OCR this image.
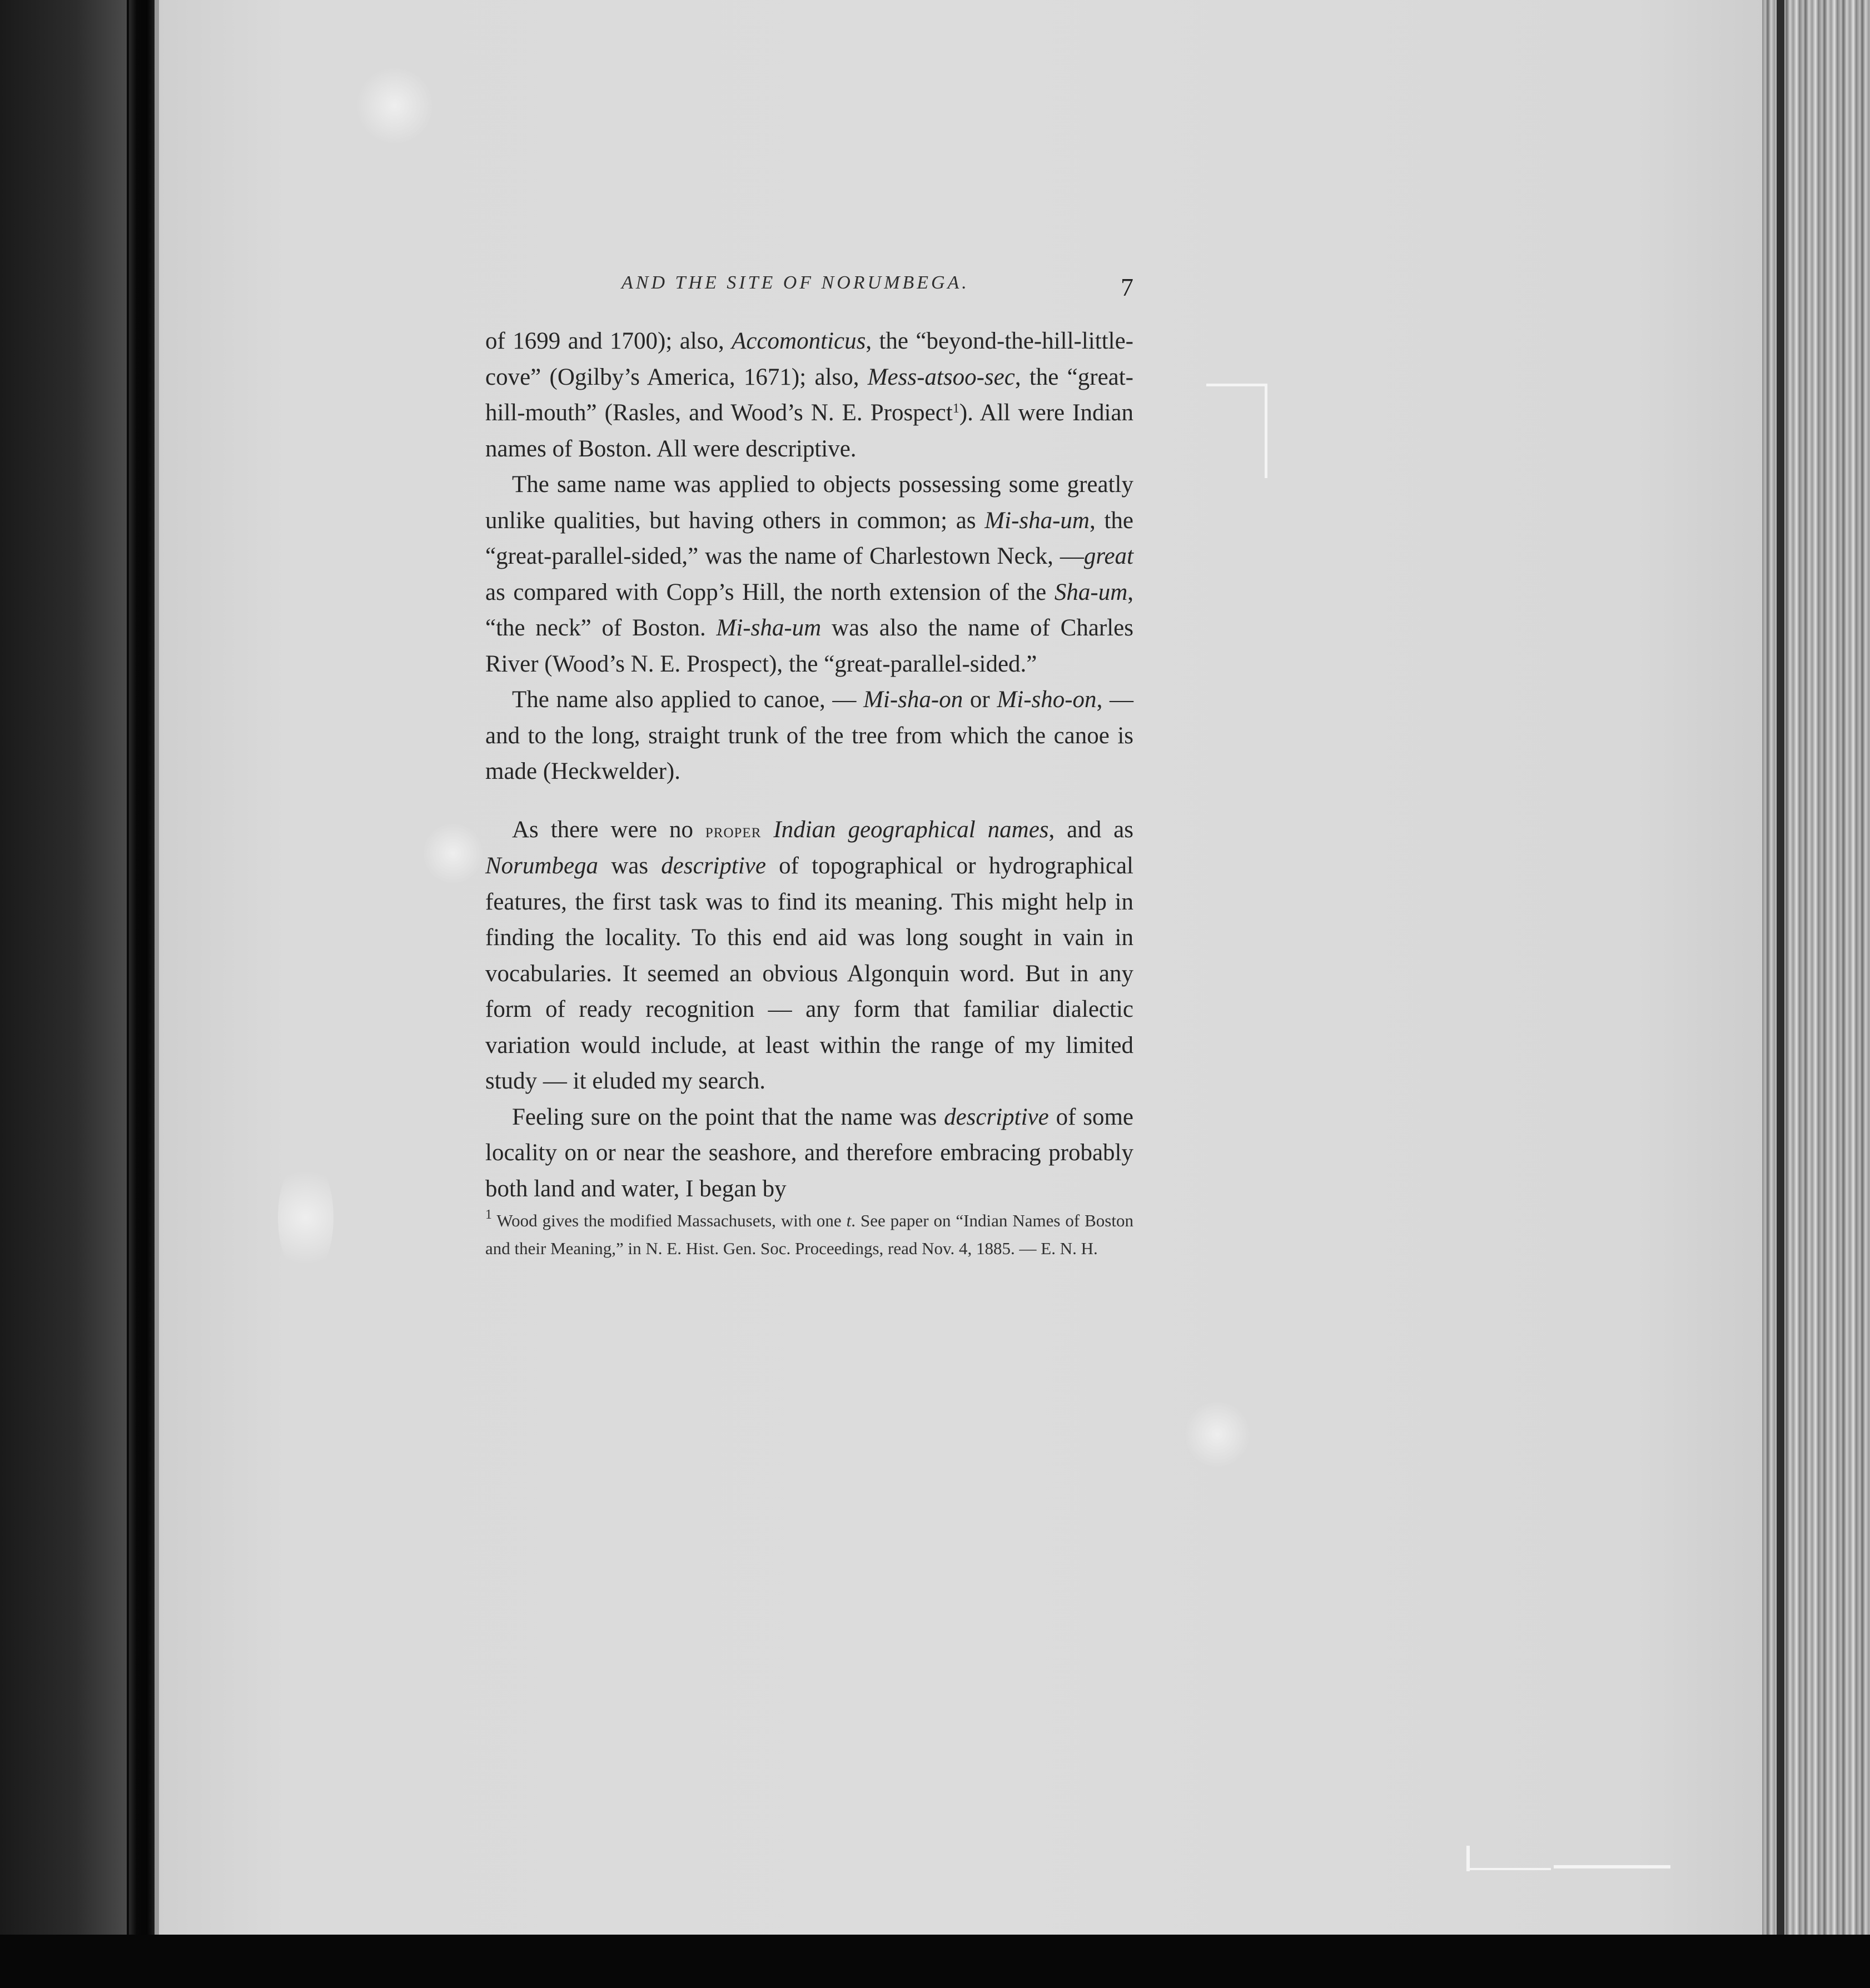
AND THE SITE OF NORUMBEGA.	7

of 1699 and 1700); also, Accomonticus, the “beyond-the-hill-little-cove” (Ogilby’s America, 1671); also, Mess-atsoo-sec, the “great-hill-mouth” (Rasles, and Wood’s N. E. Prospect$^1$). All were Indian names of Boston. All were descriptive.

The same name was applied to objects possessing some greatly unlike qualities, but having others in common; as Mi-sha-um, the “great-parallel-sided,” was the name of Charlestown Neck, —great as compared with Copp’s Hill, the north extension of the Sha-um, “the neck” of Boston. Mi-sha-um was also the name of Charles River (Wood’s N. E. Prospect), the “great-parallel-sided.”

The name also applied to canoe, — Mi-sha-on or Mi-sho-on, — and to the long, straight trunk of the tree from which the canoe is made (Heckwelder).

As there were no proper Indian geographical names, and as Norumbega was descriptive of topographical or hydrographical features, the first task was to find its meaning. This might help in finding the locality. To this end aid was long sought in vain in vocabularies. It seemed an obvious Algonquin word. But in any form of ready recognition — any form that familiar dialectic variation would include, at least within the range of my limited study — it eluded my search.

Feeling sure on the point that the name was descriptive of some locality on or near the seashore, and therefore embracing probably both land and water, I began by

$^1$ Wood gives the modified Massachusets, with one t. See paper on “Indian Names of Boston and their Meaning,” in N. E. Hist. Gen. Soc. Proceedings, read Nov. 4, 1885. — E. N. H.
